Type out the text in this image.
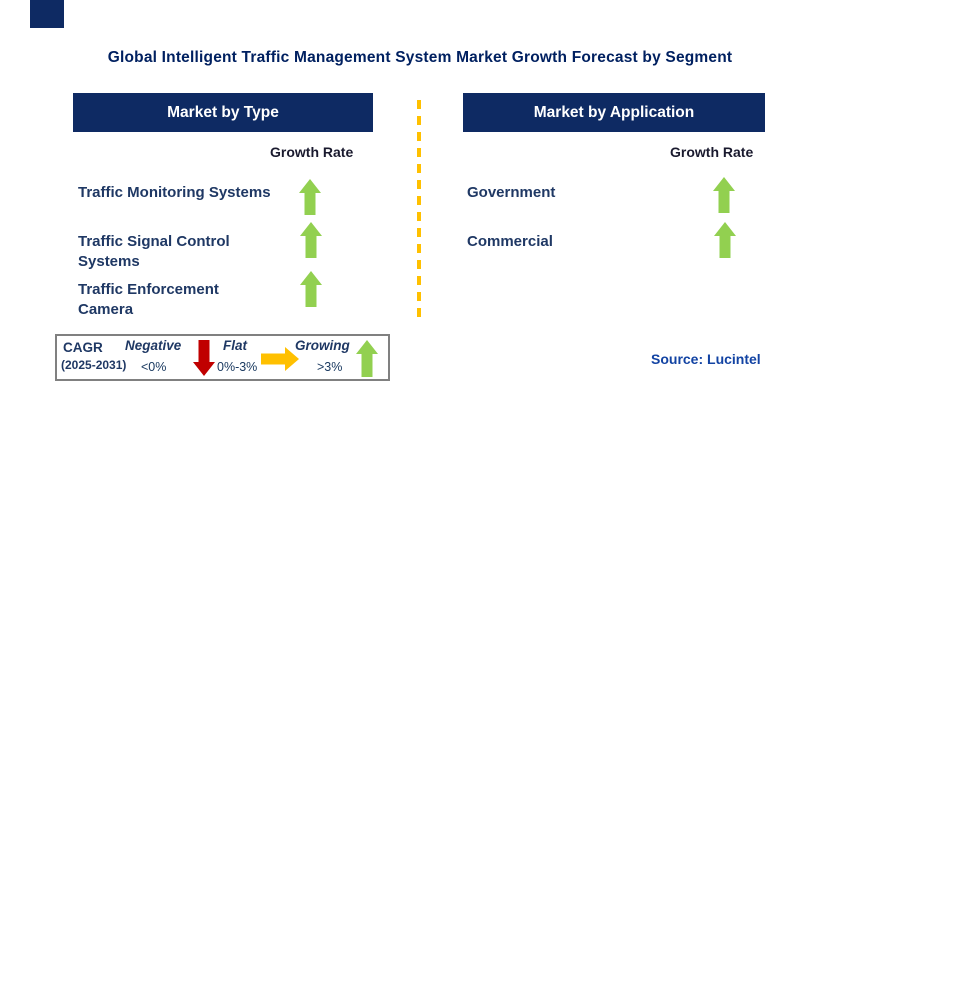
Global Intelligent Traffic Management System Market Growth Forecast by Segment
Market by Type
Growth Rate
Traffic Monitoring Systems
Traffic Signal Control Systems
Traffic Enforcement Camera
Market by Application
Growth Rate
Government
Commercial
CAGR
(2025-2031)
Negative
<0%
Flat
0%-3%
Growing
>3%	Source: Lucintel
